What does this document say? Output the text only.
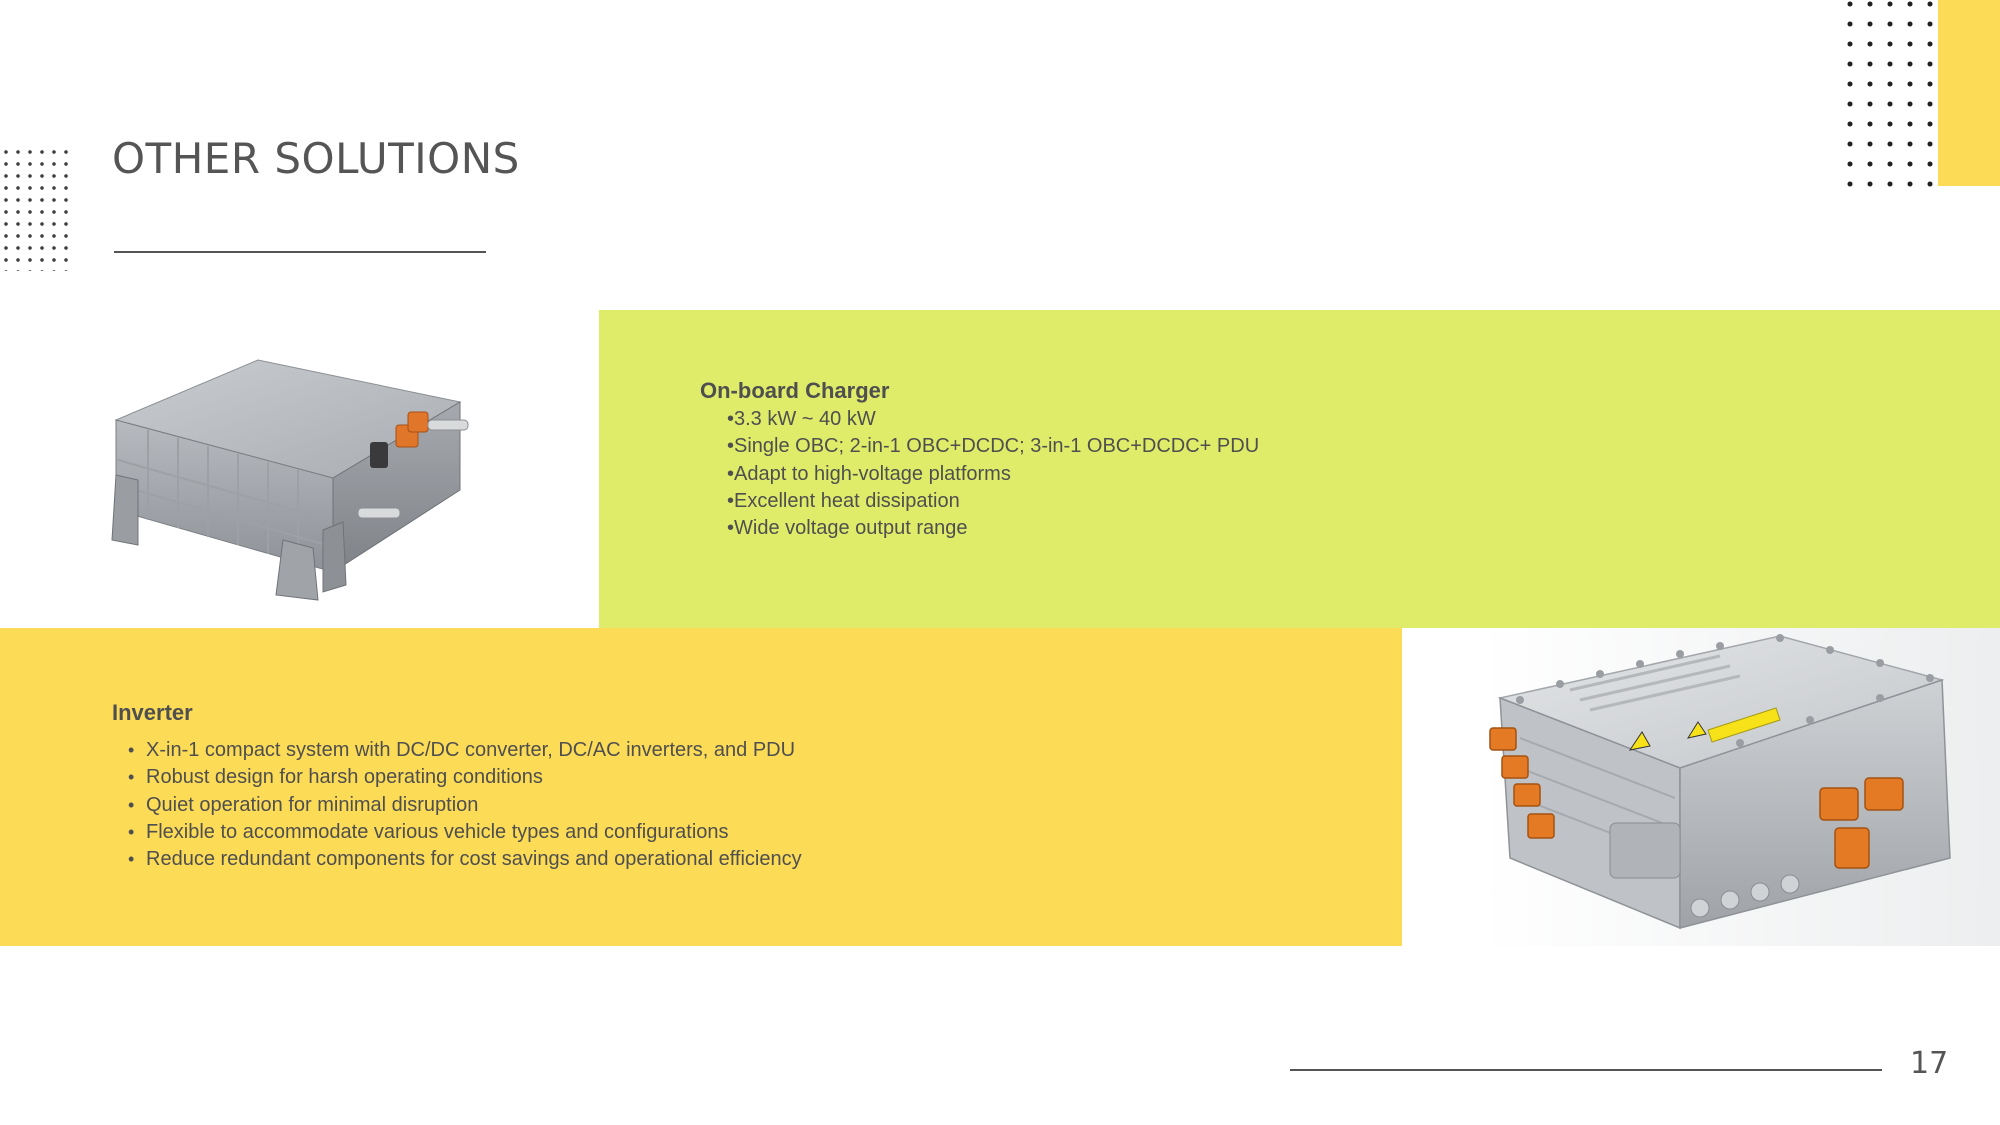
OTHER SOLUTIONS
On-board Charger
•3.3 kW ~ 40 kW
•Single OBC; 2-in-1 OBC+DCDC; 3-in-1 OBC+DCDC+ PDU
•Adapt to high-voltage platforms
•Excellent heat dissipation
•Wide voltage output range
Inverter
• X-in-1 compact system with DC/DC converter, DC/AC inverters, and PDU
• Robust design for harsh operating conditions
• Quiet operation for minimal disruption
• Flexible to accommodate various vehicle types and configurations
• Reduce redundant components for cost savings and operational efficiency
17
